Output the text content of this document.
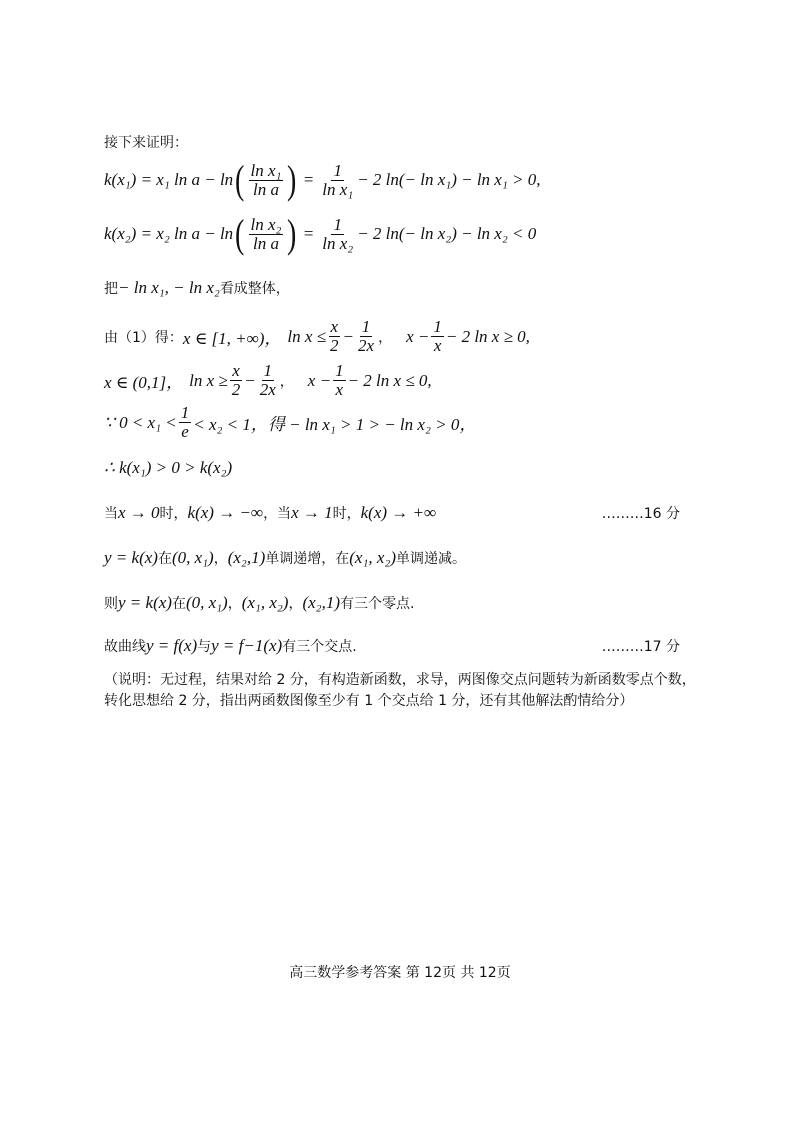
接下来证明：
k(x₁) = x₁ ln a − ln ( $\frac{\text{ln x₁}}{\text{ln a}}$ ) = $\frac{1}{\text{ln x₁}} - 2$ ln(− ln x₁) − ln x₁ > 0,
k(x₂) = x₂ ln a − ln ( $\frac{\text{ln x₂}}{\text{ln a}}$ ) = $\frac{1}{\text{ln x₂}} - 2$ ln(− ln x₂) − ln x₂ < 0
把 − ln x₁, − ln x₂ 看成整体，
由（1）得： x ∈ [1, +∞)， $\ln x \le \frac{x}{2} - \frac{1}{2x}$ ， $x - \frac{1}{x} - 2$ ln x ≥ 0,
x ∈ (0,1]， $\ln x \ge \frac{x}{2} - \frac{1}{2x}$ ， $x - \frac{1}{x} - 2$ ln x ≤ 0,
∵ $0 < x_1 < \frac{1}{e} < x_2 < 1$，得 − ln x₁ > 1 > − ln x₂ > 0，
∴ k(x₁) > 0 > k(x₂)
当 x → 0 时， k(x) → −∞ ，当 x → 1 时， k(x) → +∞	………16 分
y = k(x) 在 (0, x₁) ， (x₂,1) 单调递增，在 (x₁, x₂) 单调递减。
则 y = k(x) 在 (0, x₁) ， (x₁, x₂) ， (x₂,1) 有三个零点.
故曲线 y = f(x) 与 y = f −1 (x) 有三个交点.	………17 分
（说明：无过程，结果对给 2 分，有构造新函数，求导，两图像交点问题转为新函数零点个数，转化思想给 2 分，指出两函数图像至少有 1 个交点给 1 分，还有其他解法酌情给分）
高三数学参考答案 第 12页 共 12页
